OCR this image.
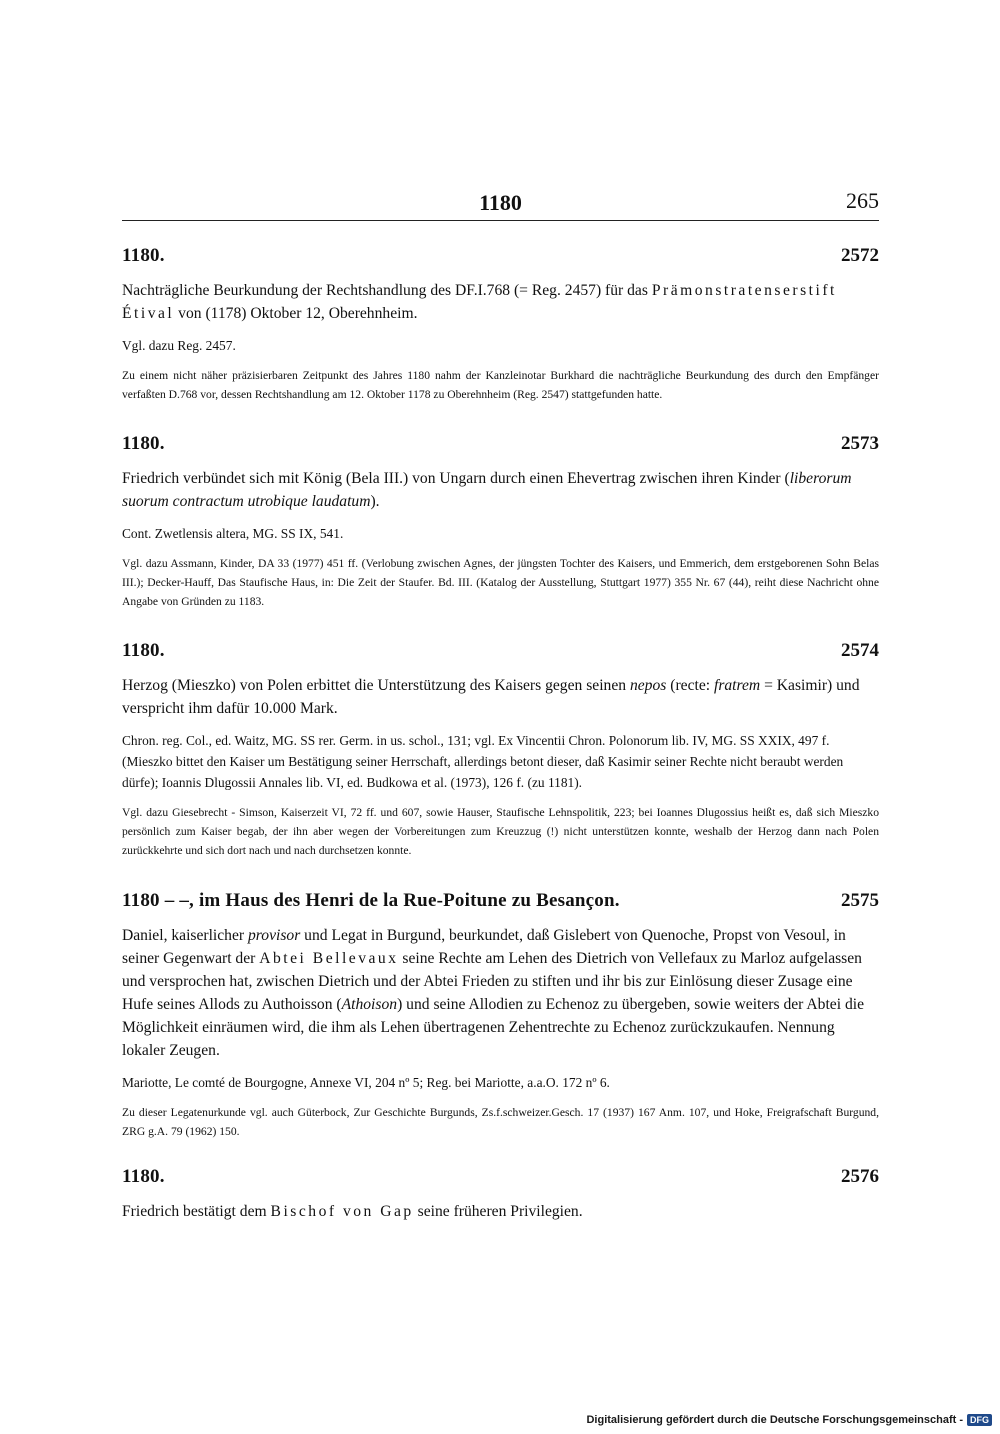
1180	265
1180.	2572

Nachträgliche Beurkundung der Rechtshandlung des DF.I.768 (= Reg. 2457) für das Prämonstratenserstift Étival von (1178) Oktober 12, Oberehnheim.

Vgl. dazu Reg. 2457.

Zu einem nicht näher präzisierbaren Zeitpunkt des Jahres 1180 nahm der Kanzleinotar Burkhard die nachträgliche Beurkundung des durch den Empfänger verfaßten D.768 vor, dessen Rechtshandlung am 12. Oktober 1178 zu Oberehnheim (Reg. 2547) stattgefunden hatte.

1180.	2573

Friedrich verbündet sich mit König (Bela III.) von Ungarn durch einen Ehevertrag zwischen ihren Kinder (liberorum suorum contractum utrobique laudatum).

Cont. Zwetlensis altera, MG. SS IX, 541.

Vgl. dazu Assmann, Kinder, DA 33 (1977) 451 ff. (Verlobung zwischen Agnes, der jüngsten Tochter des Kaisers, und Emmerich, dem erstgeborenen Sohn Belas III.); Decker-Hauff, Das Staufische Haus, in: Die Zeit der Staufer. Bd. III. (Katalog der Ausstellung, Stuttgart 1977) 355 Nr. 67 (44), reiht diese Nachricht ohne Angabe von Gründen zu 1183.

1180.	2574

Herzog (Mieszko) von Polen erbittet die Unterstützung des Kaisers gegen seinen nepos (recte: fratrem = Kasimir) und verspricht ihm dafür 10.000 Mark.

Chron. reg. Col., ed. Waitz, MG. SS rer. Germ. in us. schol., 131; vgl. Ex Vincentii Chron. Polonorum lib. IV, MG. SS XXIX, 497 f. (Mieszko bittet den Kaiser um Bestätigung seiner Herrschaft, allerdings betont dieser, daß Kasimir seiner Rechte nicht beraubt werden dürfe); Ioannis Dlugossii Annales lib. VI, ed. Budkowa et al. (1973), 126 f. (zu 1181).

Vgl. dazu Giesebrecht - Simson, Kaiserzeit VI, 72 ff. und 607, sowie Hauser, Staufische Lehnspolitik, 223; bei Ioannes Dlugossius heißt es, daß sich Mieszko persönlich zum Kaiser begab, der ihn aber wegen der Vorbereitungen zum Kreuzzug (!) nicht unterstützen konnte, weshalb der Herzog dann nach Polen zurückkehrte und sich dort nach und nach durchsetzen konnte.

1180 – –, im Haus des Henri de la Rue-Poitune zu Besançon.	2575

Daniel, kaiserlicher provisor und Legat in Burgund, beurkundet, daß Gislebert von Quenoche, Propst von Vesoul, in seiner Gegenwart der Abtei Bellevaux seine Rechte am Lehen des Dietrich von Vellefaux zu Marloz aufgelassen und versprochen hat, zwischen Dietrich und der Abtei Frieden zu stiften und ihr bis zur Einlösung dieser Zusage eine Hufe seines Allods zu Authoisson (Athoison) und seine Allodien zu Echenoz zu übergeben, sowie weiters der Abtei die Möglichkeit einräumen wird, die ihm als Lehen übertragenen Zehentrechte zu Echenoz zurückzukaufen. Nennung lokaler Zeugen.

Mariotte, Le comté de Bourgogne, Annexe VI, 204 nº 5; Reg. bei Mariotte, a.a.O. 172 nº 6.

Zu dieser Legatenurkunde vgl. auch Güterbock, Zur Geschichte Burgunds, Zs.f.schweizer.Gesch. 17 (1937) 167 Anm. 107, und Hoke, Freigrafschaft Burgund, ZRG g.A. 79 (1962) 150.

1180.	2576

Friedrich bestätigt dem Bischof von Gap seine früheren Privilegien.

Digitalisierung gefördert durch die Deutsche Forschungsgemeinschaft - DFG
